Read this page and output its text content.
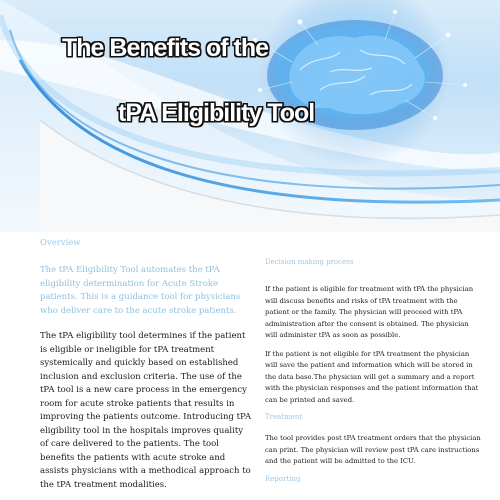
The Benefits of the
tPA Eligibility Tool

Overview

The tPA Eligibility Tool automates the tPA eligibility determination for Acute Stroke patients. This is a guidance tool for physicians who deliver care to the acute stroke patients.

The tPA eligibility tool determines if the patient is eligible or ineligible for tPA treatment systemically and quickly based on established inclusion and exclusion criteria. The use of the tPA tool is a new care process in the emergency room for acute stroke patients that results in improving the patients outcome. Introducing tPA eligibility tool in the hospitals improves quality of care delivered to the patients. The tool benefits the patients with acute stroke and assists physicians with a methodical approach to the tPA treatment modalities.

Decision making process

If the patient is eligible for treatment with tPA the physician will discuss benefits and risks of tPA treatment with the patient or the family. The physician will proceed with tPA administration after the consent is obtained. The physician will administer tPA as soon as possible.

If the patient is not eligible for tPA treatment the physician will save the patient and information which will be stored in the data base.The physician will get a summary and a report with the physician responses and the patient information that can be printed and saved.

Treatment

The tool provides post tPA treatment orders that the physician can print. The physician will review post tPA care instructions and the patient will be admitted to the ICU.

Reporting
